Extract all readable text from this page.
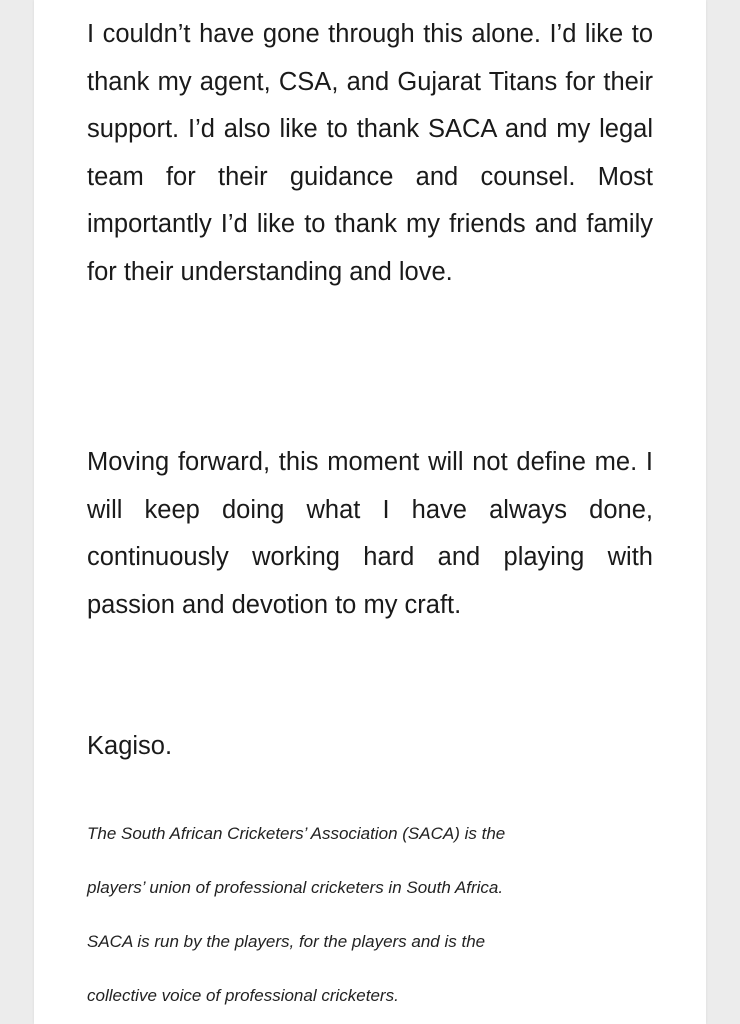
I couldn’t have gone through this alone. I’d like to thank my agent, CSA, and Gujarat Titans for their support. I’d also like to thank SACA and my legal team for their guidance and counsel. Most importantly I’d like to thank my friends and family for their understanding and love.

Moving forward, this moment will not define me. I will keep doing what I have always done, continuously working hard and playing with passion and devotion to my craft.

Kagiso.

The South African Cricketers’ Association (SACA) is the

players’ union of professional cricketers in South Africa.

SACA is run by the players, for the players and is the

collective voice of professional cricketers.
